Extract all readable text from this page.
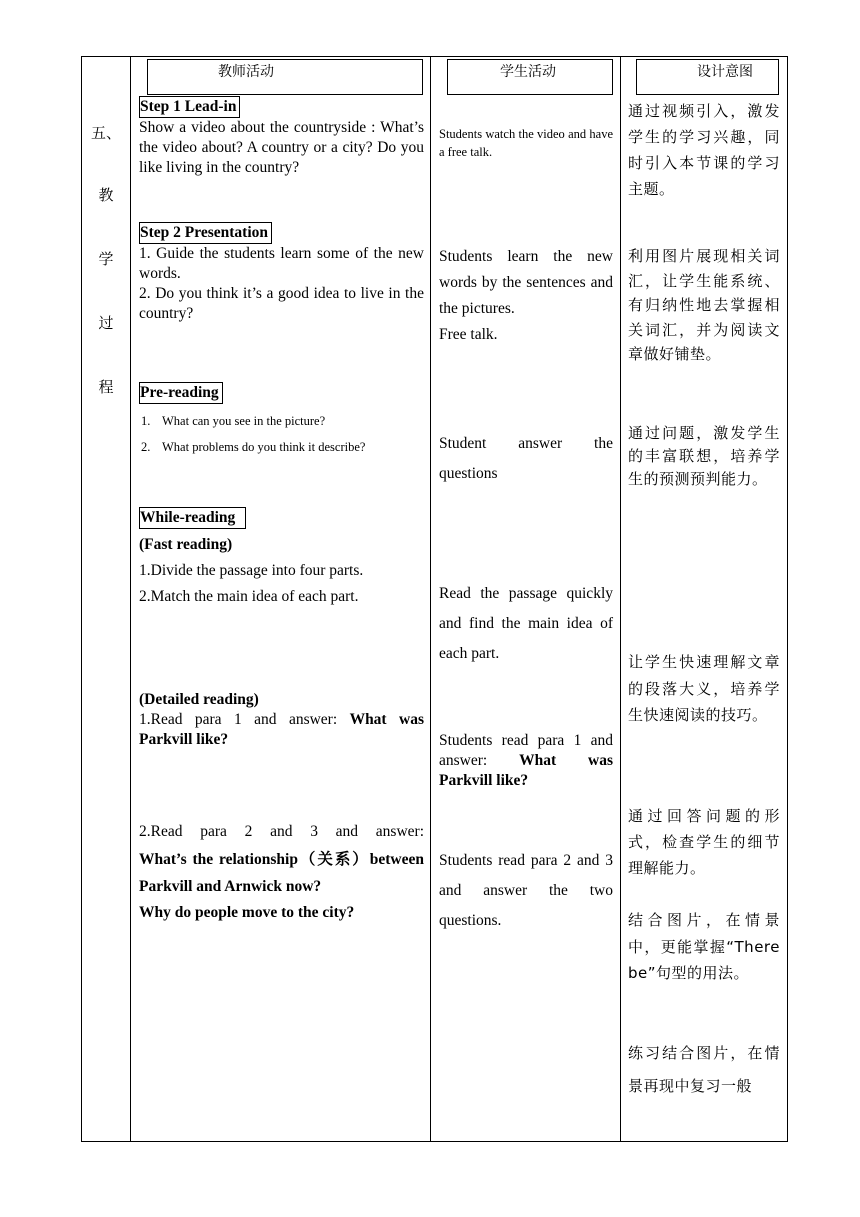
五、
教
学
过
程
教师活动	学生活动	设计意图
Step 1 Lead-in
Show a video about the countryside : What’s the video about? A country or a city? Do you like living in the country?
Step 2 Presentation
1. Guide the students learn some of the new words.
2. Do you think it’s a good idea to live in the country?
Pre-reading
1. What can you see in the picture?
2. What problems do you think it describe?
While-reading
(Fast reading)
1.Divide the passage into four parts.
2.Match the main idea of each part.
(Detailed reading)
1.Read para 1 and answer: What was Parkvill like?
2.Read para 2 and 3 and answer:
What’s the relationship（关系）between Parkvill and Arnwick now?
Why do people move to the city?
Students watch the video and have a free talk.
Students learn the new words by the sentences and the pictures.
Free talk.
Student answer the questions
Read the passage quickly and find the main idea of each part.
Students read para 1 and answer: What was Parkvill like?
Students read para 2 and 3 and answer the two questions.
通过视频引入，激发学生的学习兴趣，同时引入本节课的学习主题。
利用图片展现相关词汇，让学生能系统、有归纳性地去掌握相关词汇，并为阅读文章做好铺垫。
通过问题，激发学生的丰富联想，培养学生的预测预判能力。
让学生快速理解文章的段落大义，培养学生快速阅读的技巧。
通过回答问题的形式，检查学生的细节理解能力。
结合图片，在情景中，更能掌握“There be”句型的用法。
练习结合图片，在情景再现中复习一般
